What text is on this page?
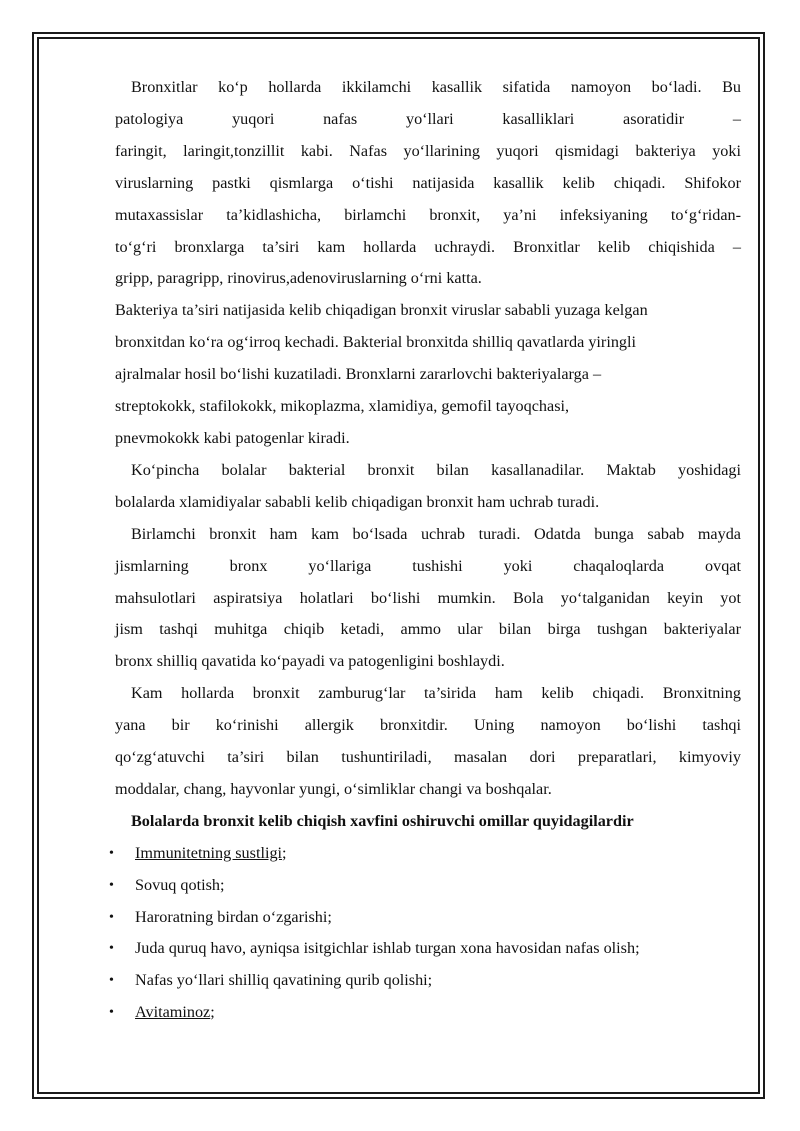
Bronxitlar ko‘p hollarda ikkilamchi kasallik sifatida namoyon bo‘ladi. Bu

patologiya yuqori nafas yo‘llari kasalliklari asoratidir –

faringit, laringit,tonzillit kabi. Nafas yo‘llarining yuqori qismidagi bakteriya yoki

viruslarning pastki qismlarga o‘tishi natijasida kasallik kelib chiqadi. Shifokor

mutaxassislar ta’kidlashicha, birlamchi bronxit, ya’ni infeksiyaning to‘g‘ridan-

to‘g‘ri bronxlarga ta’siri kam hollarda uchraydi. Bronxitlar kelib chiqishida –

gripp, paragripp, rinovirus,adenoviruslarning o‘rni katta.

Bakteriya ta’siri natijasida kelib chiqadigan bronxit viruslar sababli yuzaga kelgan

bronxitdan ko‘ra og‘irroq kechadi. Bakterial bronxitda shilliq qavatlarda yiringli

ajralmalar hosil bo‘lishi kuzatiladi. Bronxlarni zararlovchi bakteriyalarga –

streptokokk, stafilokokk, mikoplazma, xlamidiya, gemofil tayoqchasi,

pnevmokokk kabi patogenlar kiradi.

Ko‘pincha bolalar bakterial bronxit bilan kasallanadilar. Maktab yoshidagi

bolalarda xlamidiyalar sababli kelib chiqadigan bronxit ham uchrab turadi.

Birlamchi bronxit ham kam bo‘lsada uchrab turadi. Odatda bunga sabab mayda

jismlarning bronx yo‘llariga tushishi yoki chaqaloqlarda ovqat

mahsulotlari aspiratsiya holatlari bo‘lishi mumkin. Bola yo‘talganidan keyin yot

jism tashqi muhitga chiqib ketadi, ammo ular bilan birga tushgan bakteriyalar

bronx shilliq qavatida ko‘payadi va patogenligini boshlaydi.

Kam hollarda bronxit zamburug‘lar ta’sirida ham kelib chiqadi. Bronxitning

yana bir ko‘rinishi allergik bronxitdir. Uning namoyon bo‘lishi tashqi

qo‘zg‘atuvchi ta’siri bilan tushuntiriladi, masalan dori preparatlari, kimyoviy

moddalar, chang, hayvonlar yungi, o‘simliklar changi va boshqalar.

Bolalarda bronxit kelib chiqish xavfini oshiruvchi omillar quyidagilardir

• Immunitetning sustligi;
• Sovuq qotish;
• Haroratning birdan o‘zgarishi;
• Juda quruq havo, ayniqsa isitgichlar ishlab turgan xona havosidan nafas olish;
• Nafas yo‘llari shilliq qavatining qurib qolishi;
• Avitaminoz;
